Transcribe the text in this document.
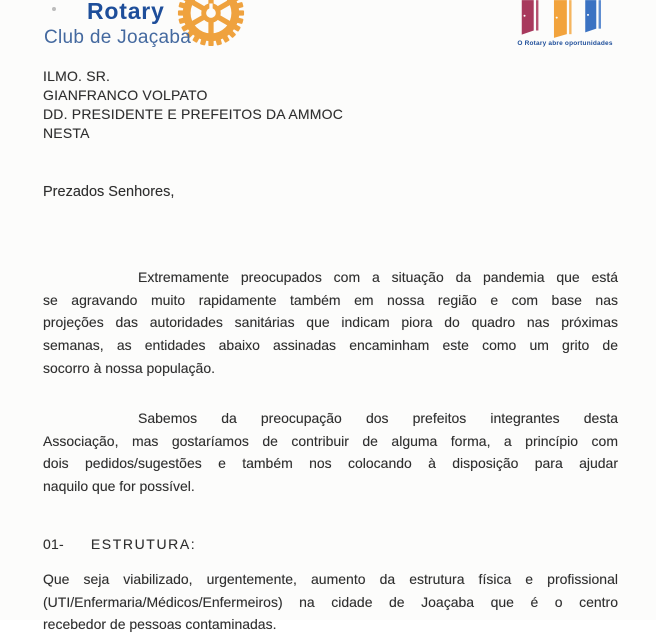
Rotary
Club de Joaçaba	O Rotary abre oportunidades
ILMO. SR.
GIANFRANCO VOLPATO
DD. PRESIDENTE E PREFEITOS DA AMMOC
NESTA
Prezados Senhores,
Extremamente preocupados com a situação da pandemia que está
se agravando muito rapidamente também em nossa região e com base nas
projeções das autoridades sanitárias que indicam piora do quadro nas próximas
semanas, as entidades abaixo assinadas encaminham este como um grito de
socorro à nossa população.
Sabemos da preocupação dos prefeitos integrantes desta
Associação, mas gostaríamos de contribuir de alguma forma, a princípio com
dois pedidos/sugestões e também nos colocando à disposição para ajudar
naquilo que for possível.
01- ESTRUTURA:
Que seja viabilizado, urgentemente, aumento da estrutura física e profissional
(UTI/Enfermaria/Médicos/Enfermeiros) na cidade de Joaçaba que é o centro
recebedor de pessoas contaminadas.
